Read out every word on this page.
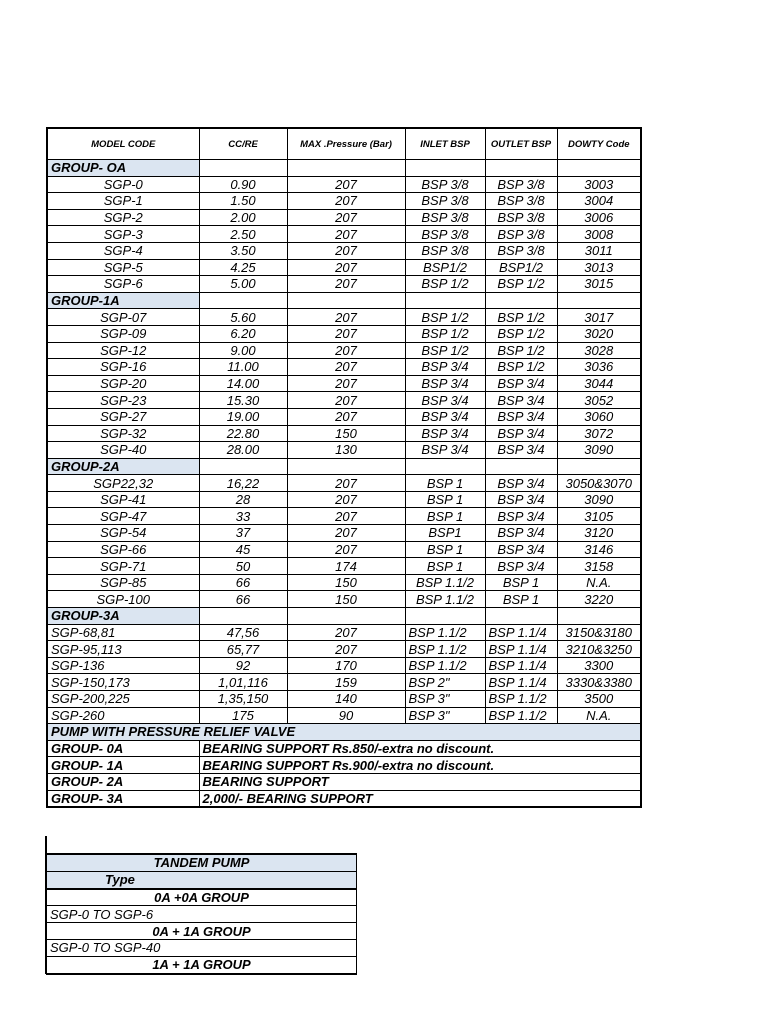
MODEL CODE	CC/RE	MAX .Pressure (Bar)	INLET BSP	OUTLET BSP	DOWTY Code
GROUP- OA					
SGP-0	0.90	207	BSP 3/8	BSP 3/8	3003
SGP-1	1.50	207	BSP 3/8	BSP 3/8	3004
SGP-2	2.00	207	BSP 3/8	BSP 3/8	3006
SGP-3	2.50	207	BSP 3/8	BSP 3/8	3008
SGP-4	3.50	207	BSP 3/8	BSP 3/8	3011
SGP-5	4.25	207	BSP1/2	BSP1/2	3013
SGP-6	5.00	207	BSP 1/2	BSP 1/2	3015
GROUP-1A					
SGP-07	5.60	207	BSP 1/2	BSP 1/2	3017
SGP-09	6.20	207	BSP 1/2	BSP 1/2	3020
SGP-12	9.00	207	BSP 1/2	BSP 1/2	3028
SGP-16	11.00	207	BSP 3/4	BSP 1/2	3036
SGP-20	14.00	207	BSP 3/4	BSP 3/4	3044
SGP-23	15.30	207	BSP 3/4	BSP 3/4	3052
SGP-27	19.00	207	BSP 3/4	BSP 3/4	3060
SGP-32	22.80	150	BSP 3/4	BSP 3/4	3072
SGP-40	28.00	130	BSP 3/4	BSP 3/4	3090
GROUP-2A					
SGP22,32	16,22	207	BSP 1	BSP 3/4	3050&3070
SGP-41	28	207	BSP 1	BSP 3/4	3090
SGP-47	33	207	BSP 1	BSP 3/4	3105
SGP-54	37	207	BSP1	BSP 3/4	3120
SGP-66	45	207	BSP 1	BSP 3/4	3146
SGP-71	50	174	BSP 1	BSP 3/4	3158
SGP-85	66	150	BSP 1.1/2	BSP 1	N.A.
SGP-100	66	150	BSP 1.1/2	BSP 1	3220
GROUP-3A					
SGP-68,81	47,56	207	BSP 1.1/2	BSP 1.1/4	3150&3180
SGP-95,113	65,77	207	BSP 1.1/2	BSP 1.1/4	3210&3250
SGP-136	92	170	BSP 1.1/2	BSP 1.1/4	3300
SGP-150,173	1,01,116	159	BSP 2"	BSP 1.1/4	3330&3380
SGP-200,225	1,35,150	140	BSP 3"	BSP 1.1/2	3500
SGP-260	175	90	BSP 3"	BSP 1.1/2	N.A.
PUMP WITH PRESSURE RELIEF VALVE					
GROUP- 0A	BEARING SUPPORT Rs.850/-extra no discount.				
GROUP- 1A	BEARING SUPPORT Rs.900/-extra no discount.				
GROUP- 2A	BEARING SUPPORT				
GROUP- 3A	2,000/- BEARING SUPPORT				
TANDEM PUMP
Type
0A +0A GROUP
SGP-0 TO SGP-6
0A + 1A GROUP
SGP-0 TO SGP-40
1A + 1A GROUP
